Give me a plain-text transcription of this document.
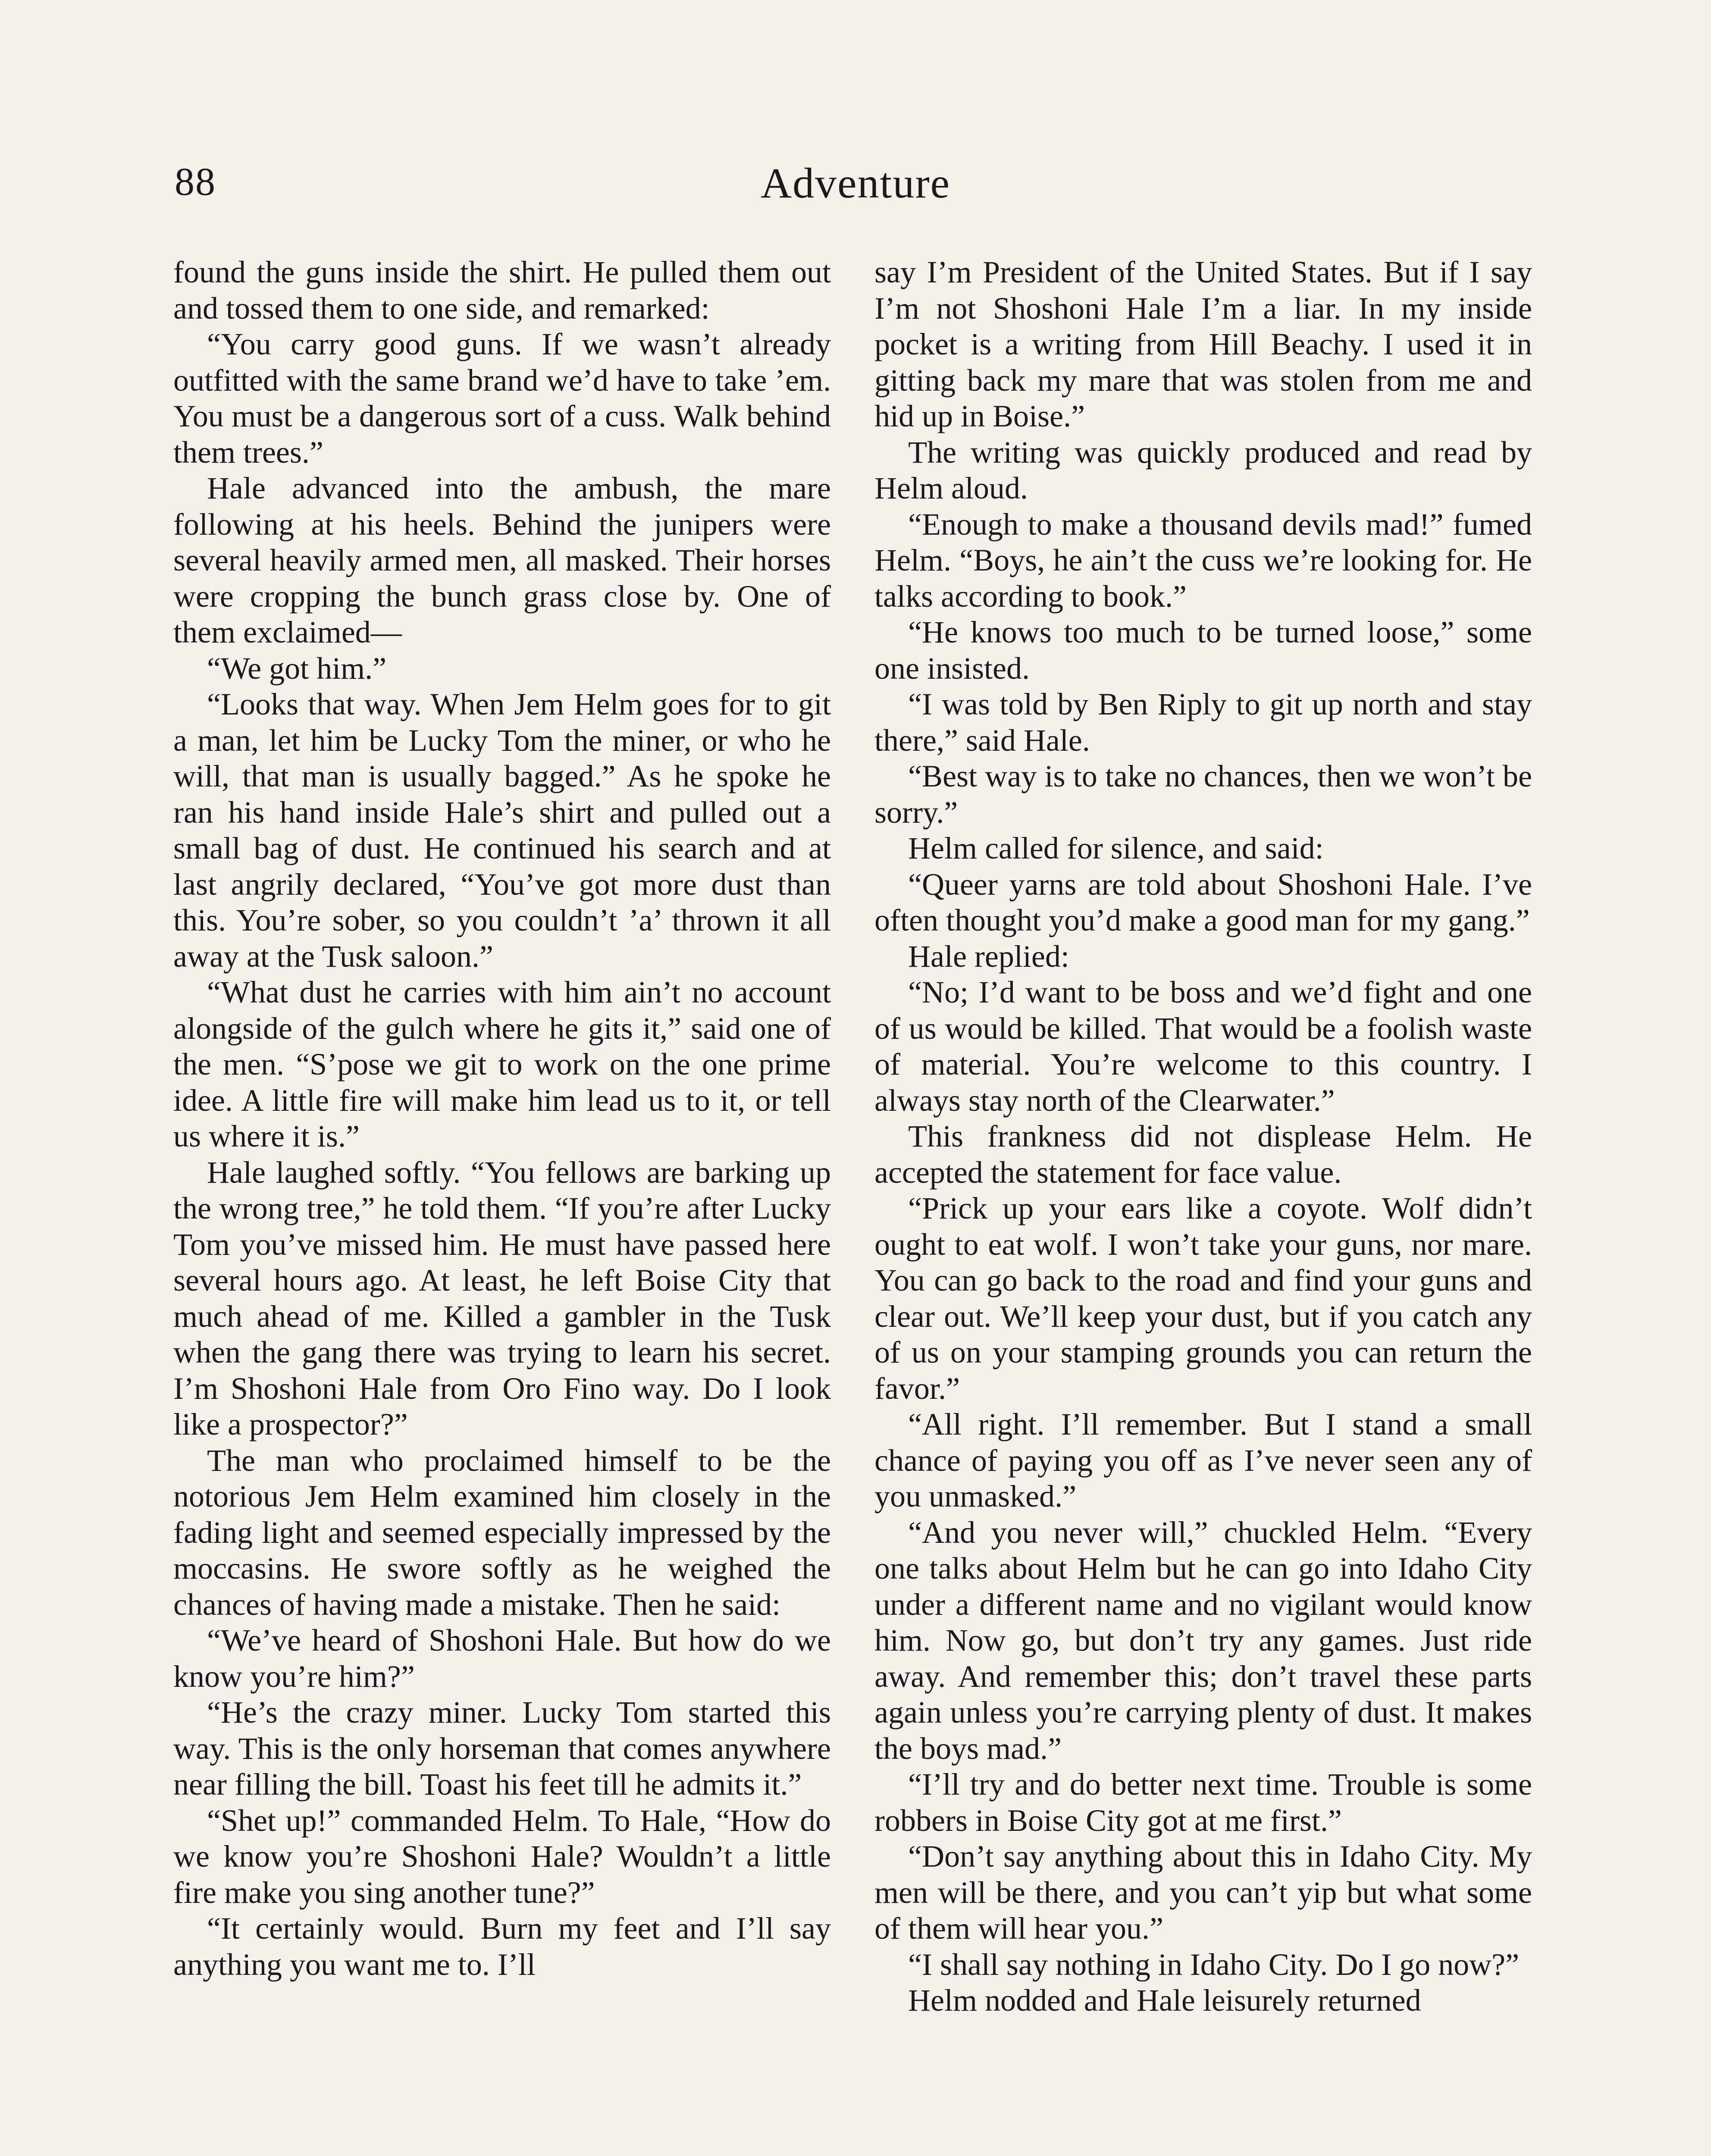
88	Adventure

found the guns inside the shirt. He pulled them out and tossed them to one side, and remarked:

“You carry good guns. If we wasn’t already outfitted with the same brand we’d have to take ’em. You must be a dangerous sort of a cuss. Walk behind them trees.”

Hale advanced into the ambush, the mare following at his heels. Behind the junipers were several heavily armed men, all masked. Their horses were cropping the bunch grass close by. One of them exclaimed—

“We got him.”

“Looks that way. When Jem Helm goes for to git a man, let him be Lucky Tom the miner, or who he will, that man is usually bagged.” As he spoke he ran his hand inside Hale’s shirt and pulled out a small bag of dust. He continued his search and at last angrily declared, “You’ve got more dust than this. You’re sober, so you couldn’t ’a’ thrown it all away at the Tusk saloon.”

“What dust he carries with him ain’t no account alongside of the gulch where he gits it,” said one of the men. “S’pose we git to work on the one prime idee. A little fire will make him lead us to it, or tell us where it is.”

Hale laughed softly. “You fellows are barking up the wrong tree,” he told them. “If you’re after Lucky Tom you’ve missed him. He must have passed here several hours ago. At least, he left Boise City that much ahead of me. Killed a gambler in the Tusk when the gang there was trying to learn his secret. I’m Shoshoni Hale from Oro Fino way. Do I look like a prospector?”

The man who proclaimed himself to be the notorious Jem Helm examined him closely in the fading light and seemed especially impressed by the moccasins. He swore softly as he weighed the chances of having made a mistake. Then he said:

“We’ve heard of Shoshoni Hale. But how do we know you’re him?”

“He’s the crazy miner. Lucky Tom started this way. This is the only horseman that comes anywhere near filling the bill. Toast his feet till he admits it.”

“Shet up!” commanded Helm. To Hale, “How do we know you’re Shoshoni Hale? Wouldn’t a little fire make you sing another tune?”

“It certainly would. Burn my feet and I’ll say anything you want me to. I’ll

say I’m President of the United States. But if I say I’m not Shoshoni Hale I’m a liar. In my inside pocket is a writing from Hill Beachy. I used it in gitting back my mare that was stolen from me and hid up in Boise.”

The writing was quickly produced and read by Helm aloud.

“Enough to make a thousand devils mad!” fumed Helm. “Boys, he ain’t the cuss we’re looking for. He talks according to book.”

“He knows too much to be turned loose,” some one insisted.

“I was told by Ben Riply to git up north and stay there,” said Hale.

“Best way is to take no chances, then we won’t be sorry.”

Helm called for silence, and said:

“Queer yarns are told about Shoshoni Hale. I’ve often thought you’d make a good man for my gang.”

Hale replied:

“No; I’d want to be boss and we’d fight and one of us would be killed. That would be a foolish waste of material. You’re welcome to this country. I always stay north of the Clearwater.”

This frankness did not displease Helm. He accepted the statement for face value.

“Prick up your ears like a coyote. Wolf didn’t ought to eat wolf. I won’t take your guns, nor mare. You can go back to the road and find your guns and clear out. We’ll keep your dust, but if you catch any of us on your stamping grounds you can return the favor.”

“All right. I’ll remember. But I stand a small chance of paying you off as I’ve never seen any of you unmasked.”

“And you never will,” chuckled Helm. “Every one talks about Helm but he can go into Idaho City under a different name and no vigilant would know him. Now go, but don’t try any games. Just ride away. And remember this; don’t travel these parts again unless you’re carrying plenty of dust. It makes the boys mad.”

“I’ll try and do better next time. Trouble is some robbers in Boise City got at me first.”

“Don’t say anything about this in Idaho City. My men will be there, and you can’t yip but what some of them will hear you.”

“I shall say nothing in Idaho City. Do I go now?”

Helm nodded and Hale leisurely returned
